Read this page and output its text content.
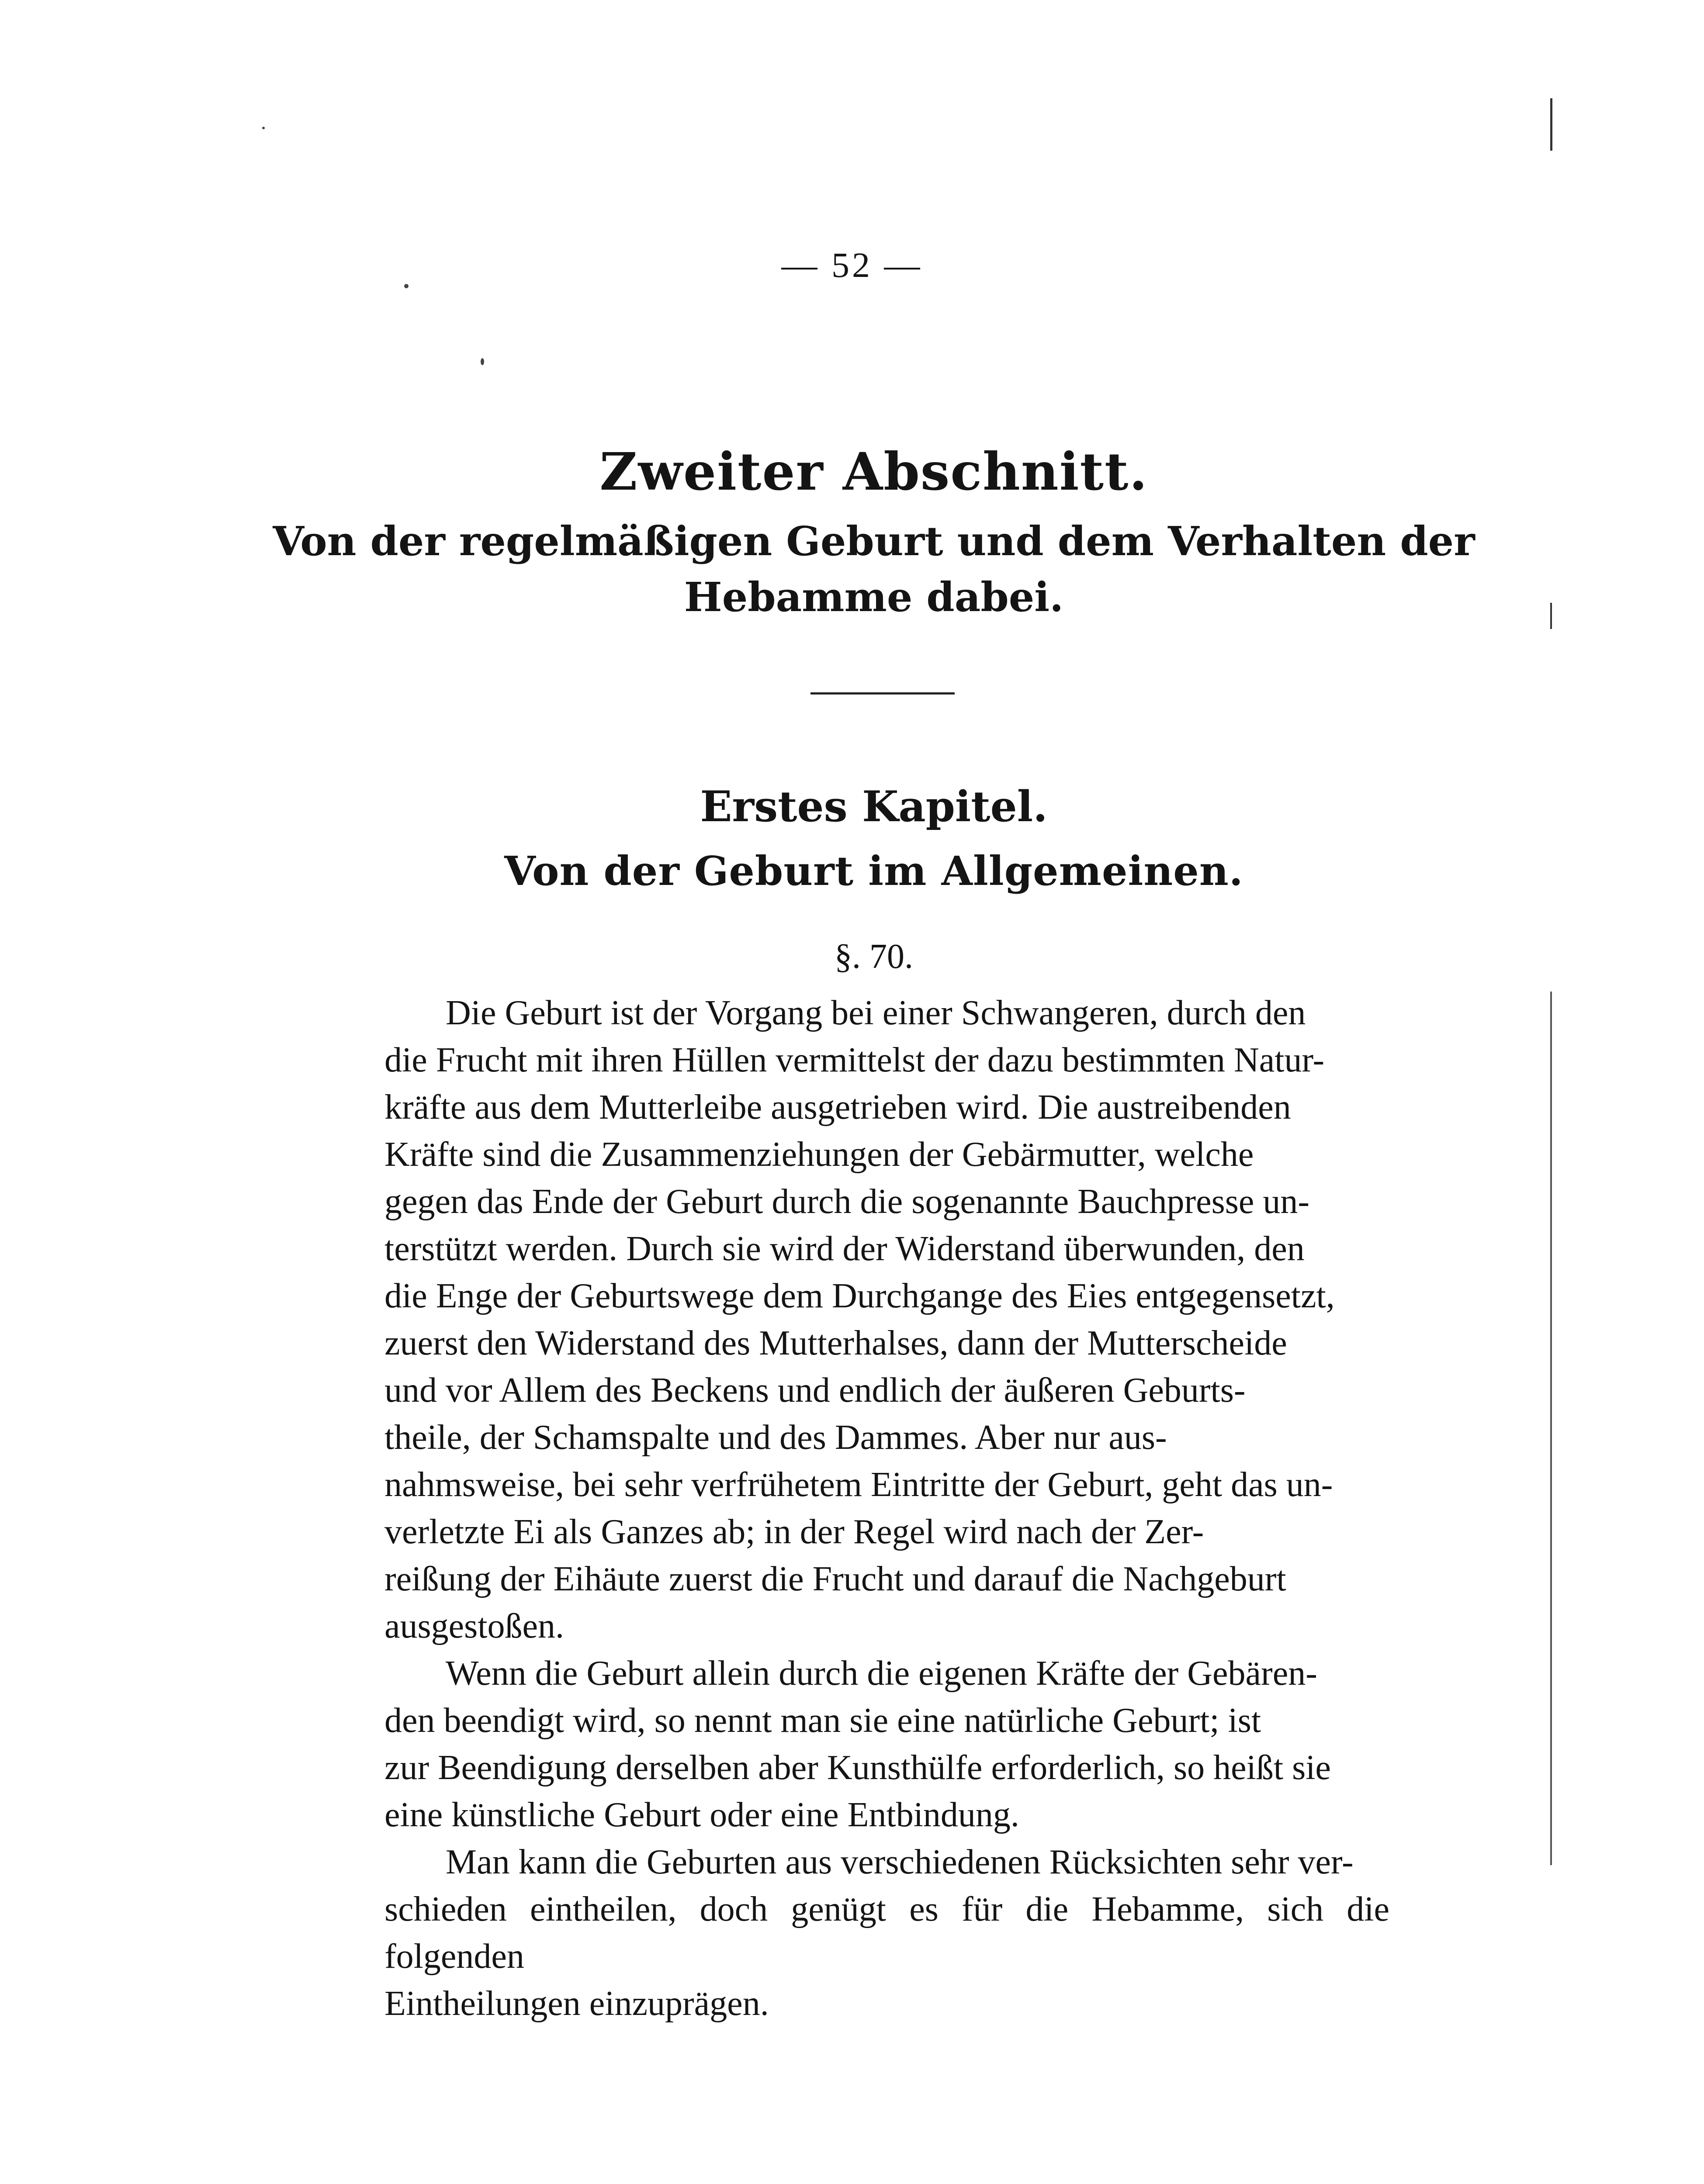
— 52 —
Zweiter Abschnitt.
Von der regelmäßigen Geburt und dem Verhalten der Hebamme dabei.
Erstes Kapitel.
Von der Geburt im Allgemeinen.
§. 70.

Die Geburt ist der Vorgang bei einer Schwangeren, durch den
die Frucht mit ihren Hüllen vermittelst der dazu bestimmten Natur-
kräfte aus dem Mutterleibe ausgetrieben wird. Die austreibenden
Kräfte sind die Zusammenziehungen der Gebärmutter, welche
gegen das Ende der Geburt durch die sogenannte Bauchpresse un-
terstützt werden. Durch sie wird der Widerstand überwunden, den
die Enge der Geburtswege dem Durchgange des Eies entgegensetzt,
zuerst den Widerstand des Mutterhalses, dann der Mutterscheide
und vor Allem des Beckens und endlich der äußeren Geburts-
theile, der Schamspalte und des Dammes. Aber nur aus-
nahmsweise, bei sehr verfrühetem Eintritte der Geburt, geht das un-
verletzte Ei als Ganzes ab; in der Regel wird nach der Zer-
reißung der Eihäute zuerst die Frucht und darauf die Nachgeburt
ausgestoßen.

Wenn die Geburt allein durch die eigenen Kräfte der Gebären-
den beendigt wird, so nennt man sie eine natürliche Geburt; ist
zur Beendigung derselben aber Kunsthülfe erforderlich, so heißt sie
eine künstliche Geburt oder eine Entbindung.

Man kann die Geburten aus verschiedenen Rücksichten sehr ver-
schieden eintheilen, doch genügt es für die Hebamme, sich die folgenden
Eintheilungen einzuprägen.
